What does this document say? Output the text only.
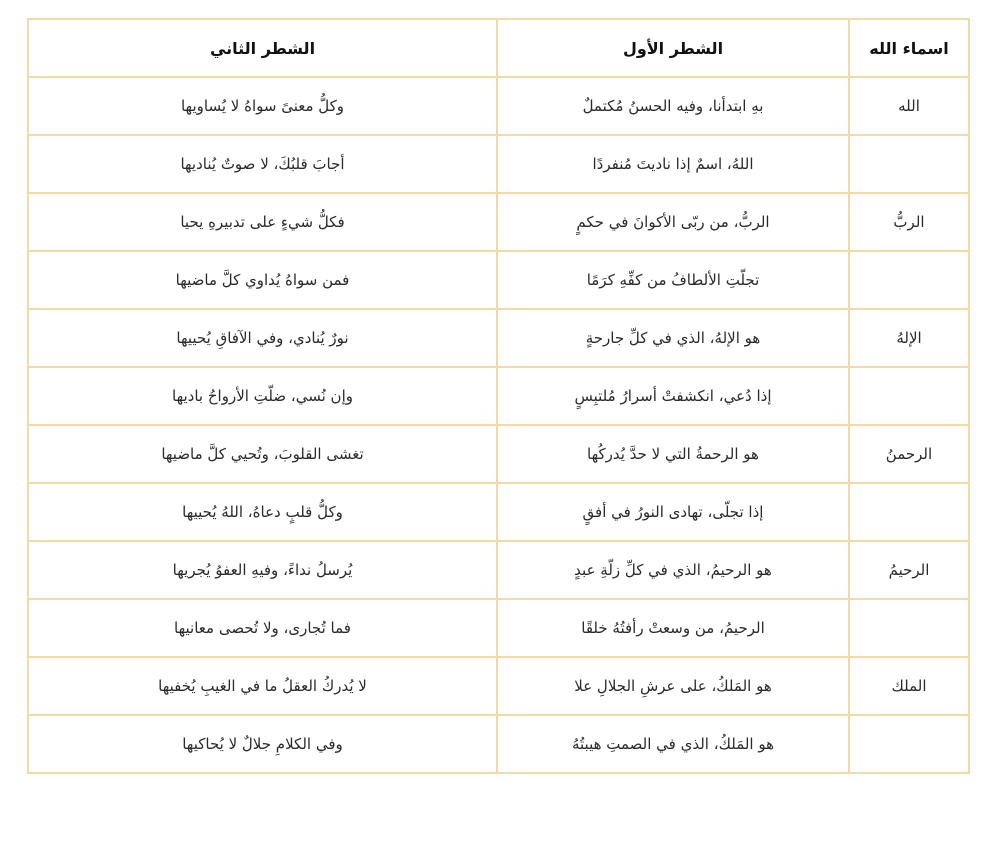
اسماء الله	الشطر الأول	الشطر الثاني
الله	بهِ ابتدأنا، وفيه الحسنُ مُكتملٌ	وكلُّ معنىً سواهُ لا يُساويها
	اللهُ، اسمٌ إذا ناديتَ مُنفردًا	أجابَ قلبُكَ، لا صوتٌ يُناديها
الربُّ	الربُّ، من ربّى الأكوانَ في حكمٍ	فكلُّ شيءٍ على تدبيرهِ يحيا
	تجلّتِ الألطافُ من كفِّهِ كرَمًا	فمن سواهُ يُداوي كلَّ ماضيها
الإلهُ	هو الإلهُ، الذي في كلِّ جارحةٍ	نورٌ يُنادي، وفي الآفاقِ يُحييها
	إذا دُعي، انكشفتْ أسرارُ مُلتبِسٍ	وإن نُسي، ضلّتِ الأرواحُ باديها
الرحمنُ	هو الرحمةُ التي لا حدَّ يُدركُها	تغشى القلوبَ، وتُحيي كلَّ ماضيها
	إذا تجلّى، تهادى النورُ في أفقٍ	وكلُّ قلبٍ دعاهُ، اللهُ يُحييها
الرحيمُ	هو الرحيمُ، الذي في كلِّ زلّةِ عبدٍ	يُرسلُ نداءً، وفيهِ العفوُ يُجريها
	الرحيمُ، من وسعتْ رأفتُهُ خلقًا	فما تُجارى، ولا تُحصى معانيها
الملك	هو المَلكُ، على عرشِ الجلالِ علا	لا يُدركُ العقلُ ما في الغيبِ يُخفيها
	هو المَلكُ، الذي في الصمتِ هيبتُهُ	وفي الكلامِ جلالٌ لا يُحاكيها
